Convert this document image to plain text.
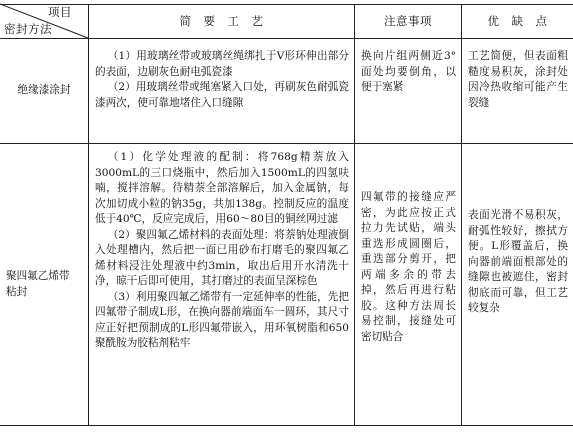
项目
密封方法
简　要　工　艺	注意事项	优　缺　点
绝缘漆涂封

（1）用玻璃丝带或玻璃丝绳绑扎于V形环伸出部分的表面，边刷灰色耐电弧瓷漆

（2）用玻璃丝带或绳塞紧入口处，再刷灰色耐弧瓷漆两次，使可靠地堵住入口缝隙

换向片组两侧近3°面处均要倒角，以便于塞紧

工艺简便，但表面粗糙度易积灰，涂封处因冷热收缩可能产生裂缝

聚四氟乙烯带粘封

（1）化学处理液的配制：将768g精萘放入3000mL的三口烧瓶中，然后加入1500mL的四氢呋喃，搅拌溶解。待精萘全部溶解后，加入金属钠，每次加切成小粒的钠35g，共加138g。控制反应的温度低于40℃，反应完成后，用60～80目的铜丝网过滤

（2）聚四氟乙烯材料的表面处理：将萘钠处理液倒入处理槽内，然后把一面已用砂布打磨毛的聚四氟乙烯材料浸注处理液中约3min，取出后用开水清洗十净，晾干后即可使用，其打磨过的表面呈深棕色

（3）利用聚四氟乙烯带有一定延伸率的性能，先把四氟带子制成L形，在换向器前端面车一圆环，其尺寸应正好把预制成的L形四氟带嵌入，用环氧树脂和650聚酰胺为胶粘剂粘牢

四氟带的接缝应严密，为此应按正式拉力先试贴，端头重选形成圆圈后，重迭部分剪开，把两端多余的带去掉，然后再进行粘胶。这种方法周长易控制，接缝处可密切贴合

表面光滑不易积灰，耐弧性较好，擦拭方便。L形覆盖后，换向器前端面根部处的缝隙也被遮住，密封彻底而可靠，但工艺较复杂
